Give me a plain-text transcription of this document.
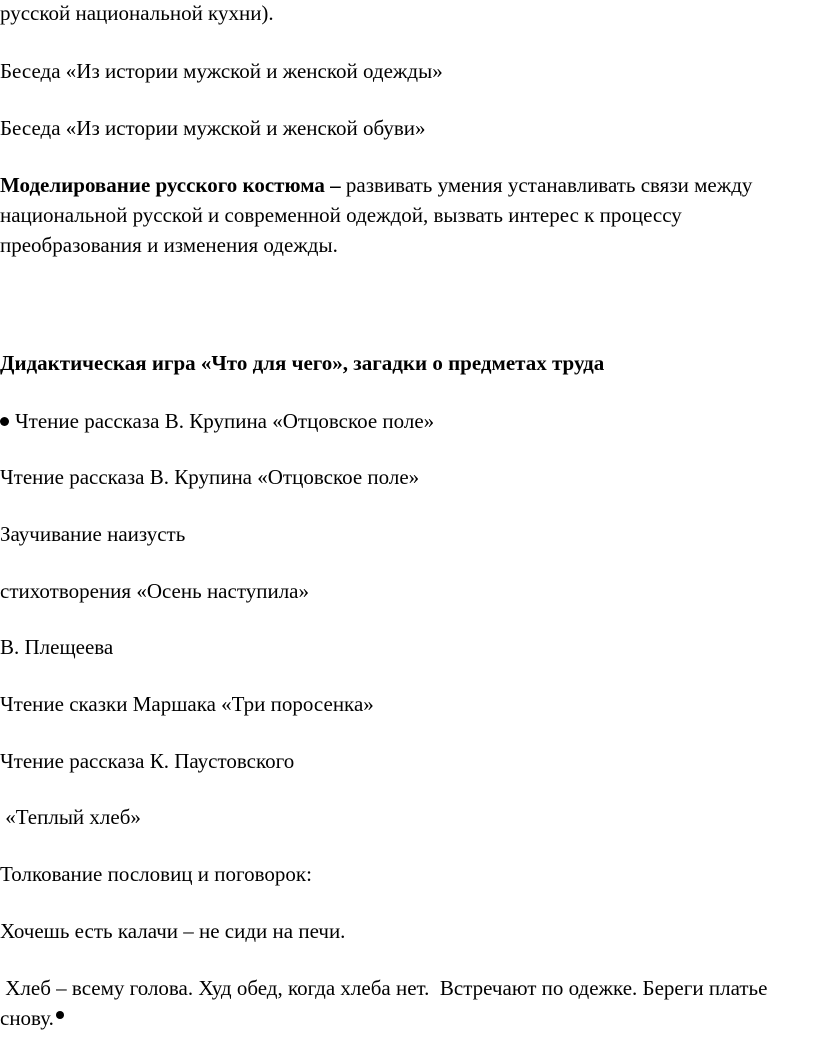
русской национальной кухни).
Беседа «Из истории мужской и женской одежды»
Беседа «Из истории мужской и женской обуви»
Моделирование русского костюма – развивать умения устанавливать связи между национальной русской и современной одеждой, вызвать интерес к процессу преобразования и изменения одежды.
Дидактическая игра «Что для чего», загадки о предметах труда
Чтение рассказа В. Крупина «Отцовское поле»
Чтение рассказа В. Крупина «Отцовское поле»
Заучивание наизусть
стихотворения «Осень наступила»
В. Плещеева
Чтение сказки Маршака «Три поросенка»
Чтение рассказа К. Паустовского
«Теплый хлеб»
Толкование пословиц и поговорок:
Хочешь есть калачи – не сиди на печи.
Хлеб – всему голова. Худ обед, когда хлеба нет.  Встречают по одежке. Береги платье снову.
